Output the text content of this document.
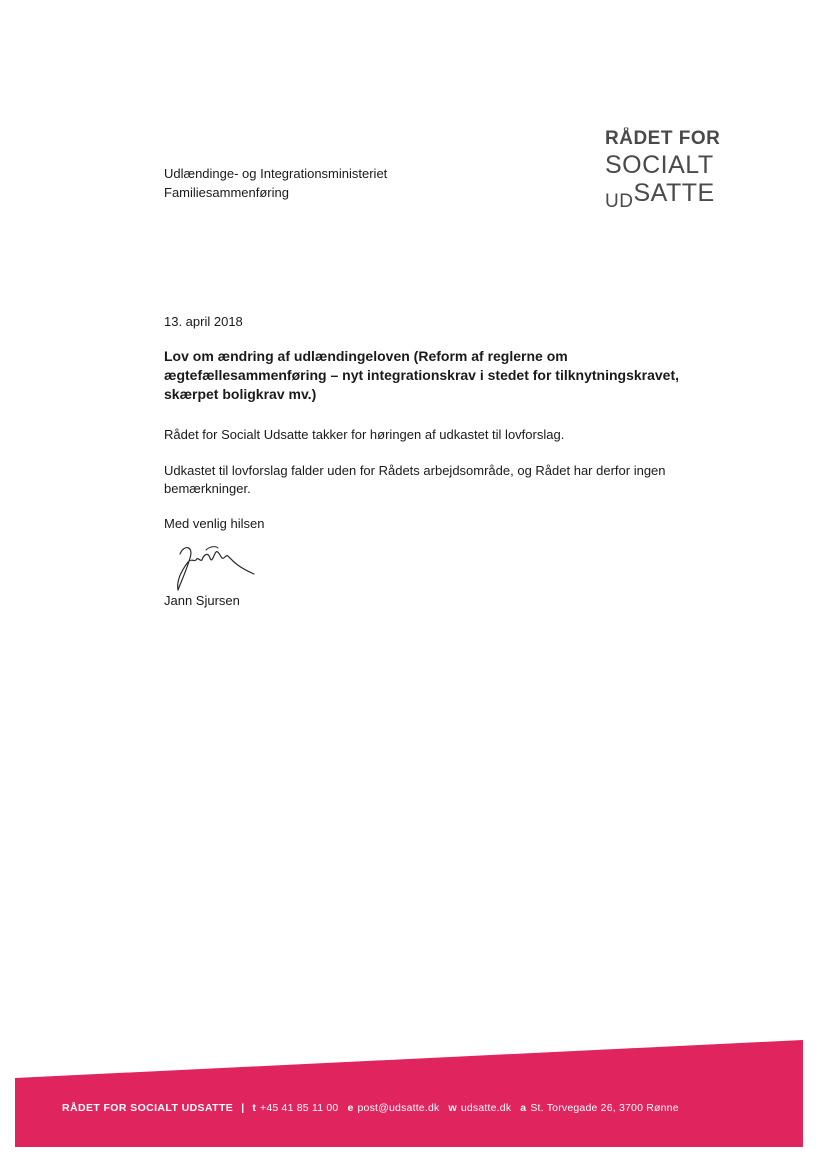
Udlændinge- og Integrationsministeriet
Familiesammenføring
RÅDET FOR
SOCIALT
$_{UD}$SATTE
13. april 2018
Lov om ændring af udlændingeloven (Reform af reglerne om ægtefællesammenføring – nyt integrationskrav i stedet for tilknytningskravet, skærpet boligkrav mv.)
Rådet for Socialt Udsatte takker for høringen af udkastet til lovforslag.
Udkastet til lovforslag falder uden for Rådets arbejdsområde, og Rådet har derfor ingen bemærkninger.
Med venlig hilsen
Jann Sjursen
RÅDET FOR SOCIALT UDSATTE | t +45 41 85 11 00 e post@udsatte.dk w udsatte.dk a St. Torvegade 26, 3700 Rønne
